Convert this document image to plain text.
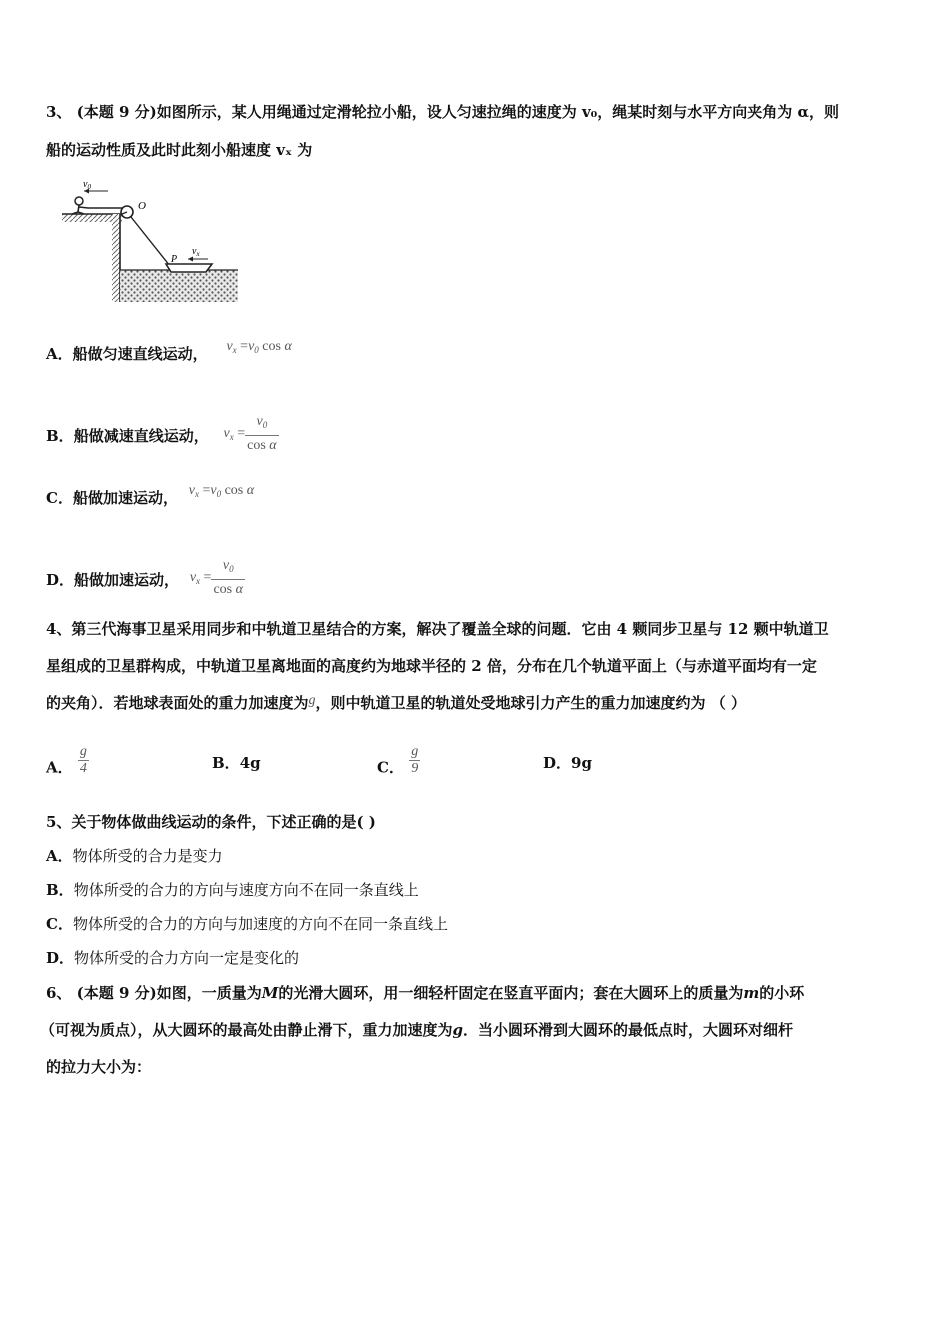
3、 (本题 9 分)如图所示，某人用绳通过定滑轮拉小船，设人匀速拉绳的速度为 v₀，绳某时刻与水平方向夹角为 α，则
船的运动性质及此时此刻小船速度 vₓ 为
$v_0$
O
P
$v_x$
A．船做匀速直线运动， $v_x =v_0$ cos α
B．船做减速直线运动， $v_x = \frac{v_0}{\text{cos α}}$
C．船做加速运动， $v_x =v_0$ cos α
D．船做加速运动， $v_x = \frac{v_0}{\text{cos α}}$
4、第三代海事卫星采用同步和中轨道卫星结合的方案，解决了覆盖全球的问题．它由 4 颗同步卫星与 12 颗中轨道卫
星组成的卫星群构成，中轨道卫星离地面的高度约为地球半径的 2 倍，分布在几个轨道平面上（与赤道平面均有一定
的夹角）．若地球表面处的重力加速度为g，则中轨道卫星的轨道处受地球引力产生的重力加速度约为 （ ）
A． $\frac{g}{4}$	B．4g	C． $\frac{g}{9}$	D．9g
5、关于物体做曲线运动的条件，下述正确的是( )
A．物体所受的合力是变力
B．物体所受的合力的方向与速度方向不在同一条直线上
C．物体所受的合力的方向与加速度的方向不在同一条直线上
D．物体所受的合力方向一定是变化的
6、 (本题 9 分)如图，一质量为M的光滑大圆环，用一细轻杆固定在竖直平面内；套在大圆环上的质量为m的小环
（可视为质点），从大圆环的最高处由静止滑下，重力加速度为g．当小圆环滑到大圆环的最低点时，大圆环对细杆
的拉力大小为：
